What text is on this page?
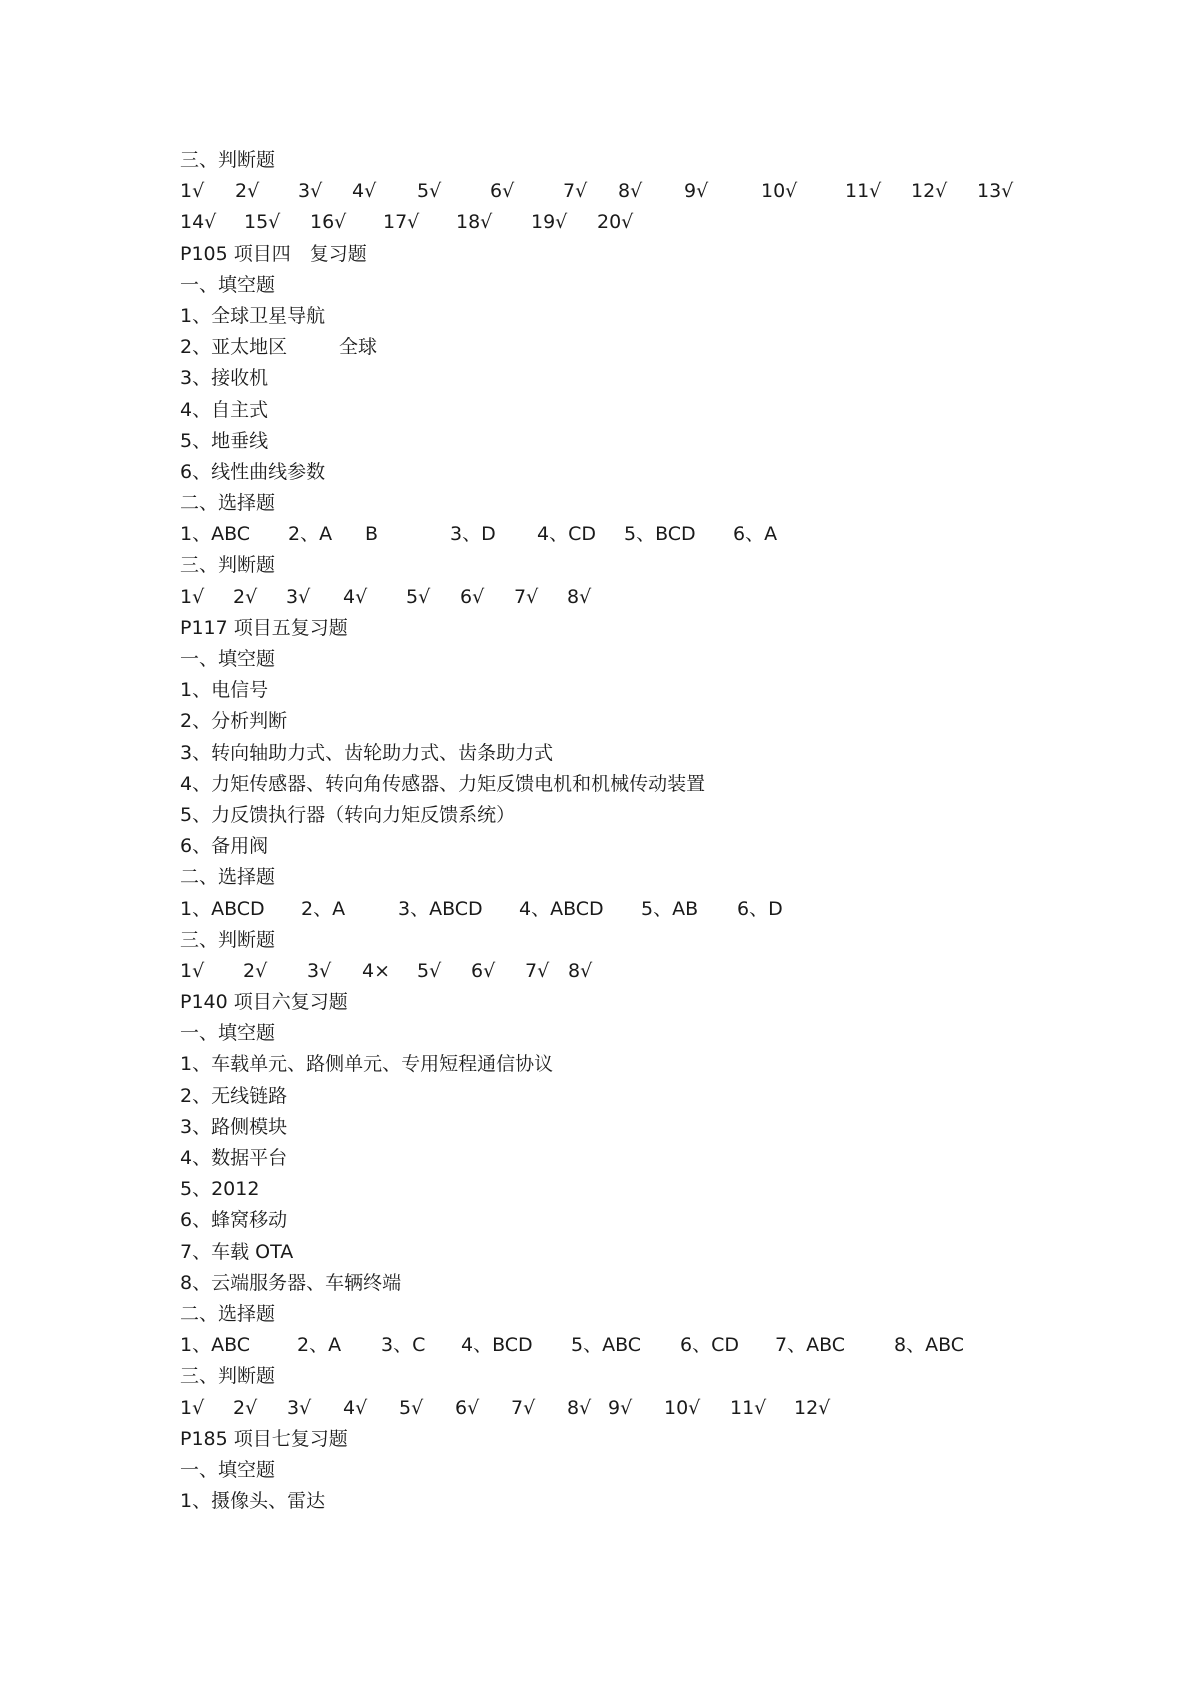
三、判断题
1√ 2√ 3√ 4√ 5√	6√	7√ 8√ 9√	10√	11√ 12√ 13√
14√ 15√ 16√ 17√ 18√ 19√ 20√
P105 项目四　复习题
一、填空题
1、全球卫星导航
2、亚太地区	全球
3、接收机
4、自主式
5、地垂线
6、线性曲线参数
二、选择题
1、ABC 2、A B	3、D 4、CD 5、BCD 6、A
三、判断题
1√ 2√ 3√ 4√ 5√ 6√ 7√ 8√
P117 项目五复习题
一、填空题
1、电信号
2、分析判断
3、转向轴助力式、齿轮助力式、齿条助力式
4、力矩传感器、转向角传感器、力矩反馈电机和机械传动装置
5、力反馈执行器（转向力矩反馈系统）
6、备用阀
二、选择题
1、ABCD 2、A	3、ABCD 4、ABCD 5、AB 6、D
三、判断题
1√ 2√ 3√ 4× 5√ 6√ 7√ 8√
P140 项目六复习题
一、填空题
1、车载单元、路侧单元、专用短程通信协议
2、无线链路
3、路侧模块
4、数据平台
5、2012
6、蜂窝移动
7、车载 OTA
8、云端服务器、车辆终端
二、选择题
1、ABC 2、A 3、C 4、BCD 5、ABC 6、CD 7、ABC	8、ABC
三、判断题
1√ 2√ 3√ 4√ 5√ 6√ 7√ 8√ 9√ 10√ 11√ 12√
P185 项目七复习题
一、填空题
1、摄像头、雷达
